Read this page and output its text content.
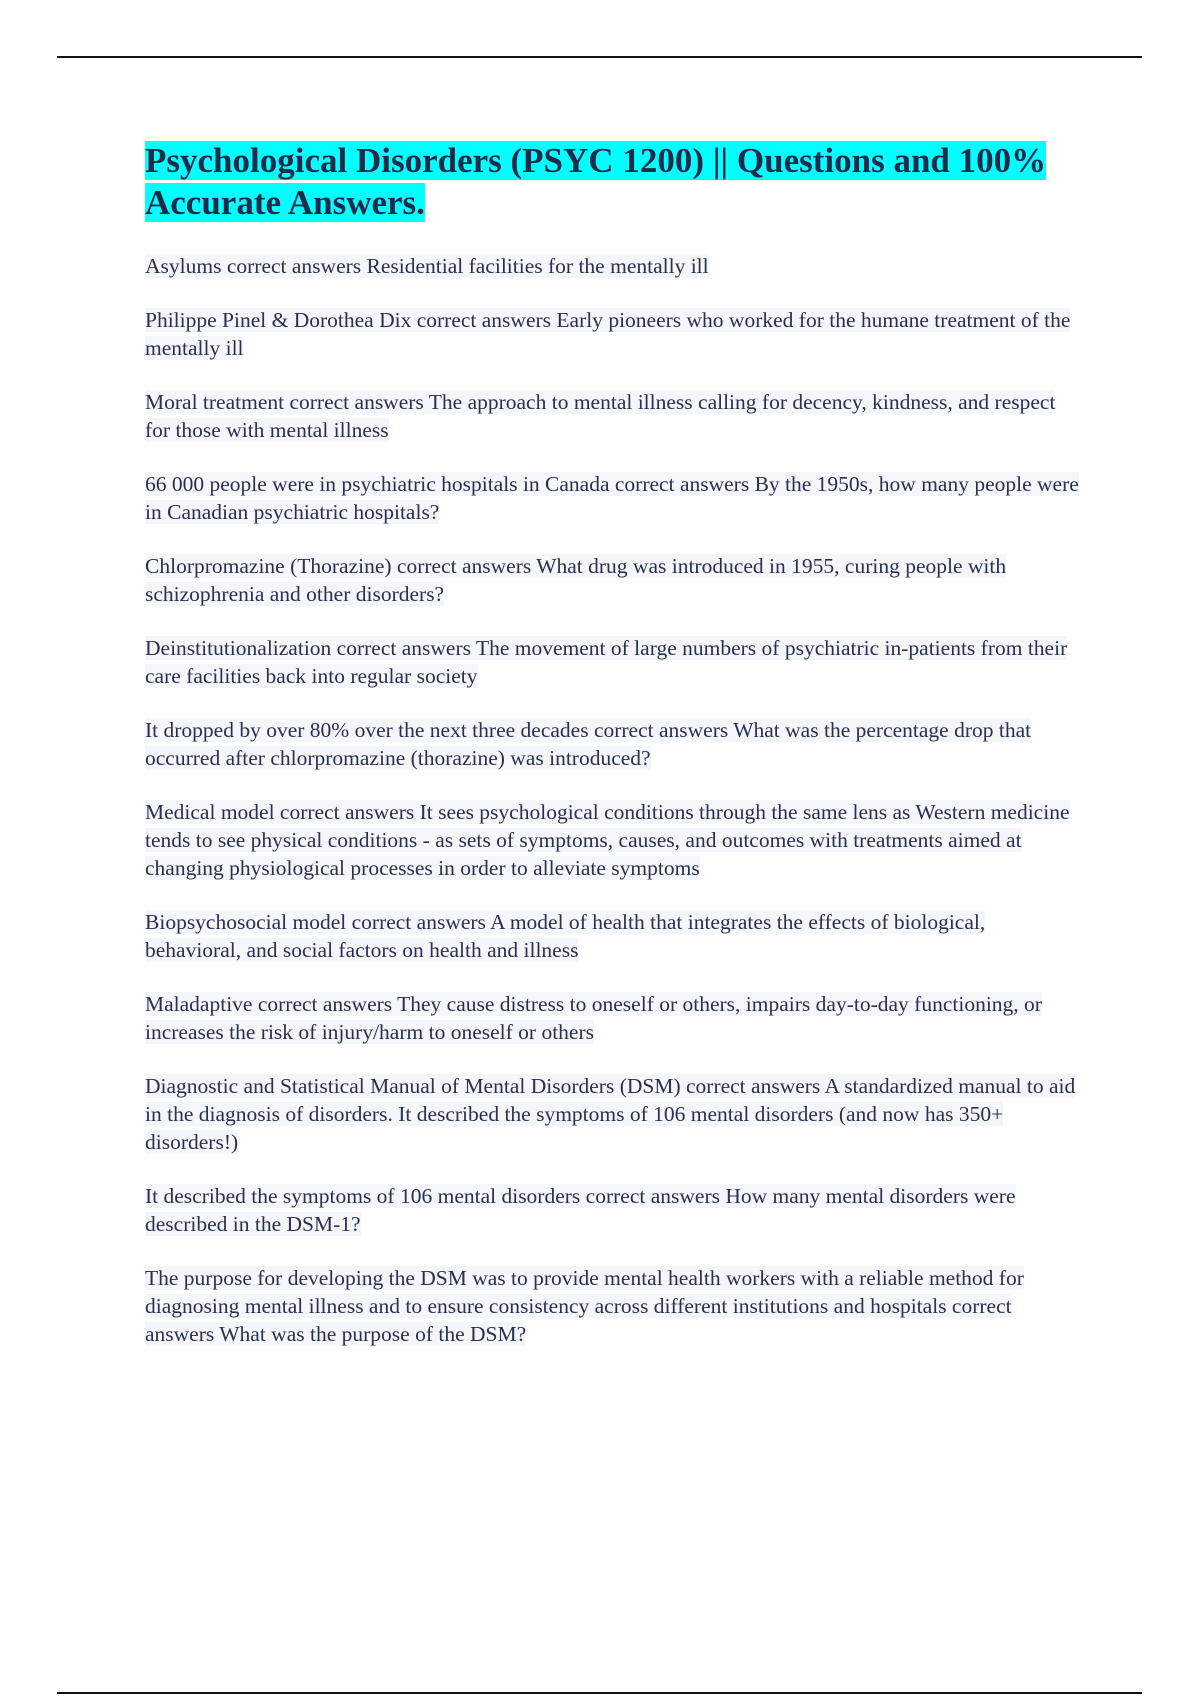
Psychological Disorders (PSYC 1200) || Questions and 100% Accurate Answers.

Asylums correct answers Residential facilities for the mentally ill

Philippe Pinel & Dorothea Dix correct answers Early pioneers who worked for the humane treatment of the mentally ill

Moral treatment correct answers The approach to mental illness calling for decency, kindness, and respect for those with mental illness

66 000 people were in psychiatric hospitals in Canada correct answers By the 1950s, how many people were in Canadian psychiatric hospitals?

Chlorpromazine (Thorazine) correct answers What drug was introduced in 1955, curing people with schizophrenia and other disorders?

Deinstitutionalization correct answers The movement of large numbers of psychiatric in-patients from their care facilities back into regular society

It dropped by over 80% over the next three decades correct answers What was the percentage drop that occurred after chlorpromazine (thorazine) was introduced?

Medical model correct answers It sees psychological conditions through the same lens as Western medicine tends to see physical conditions - as sets of symptoms, causes, and outcomes with treatments aimed at changing physiological processes in order to alleviate symptoms

Biopsychosocial model correct answers A model of health that integrates the effects of biological, behavioral, and social factors on health and illness

Maladaptive correct answers They cause distress to oneself or others, impairs day-to-day functioning, or increases the risk of injury/harm to oneself or others

Diagnostic and Statistical Manual of Mental Disorders (DSM) correct answers A standardized manual to aid in the diagnosis of disorders. It described the symptoms of 106 mental disorders (and now has 350+ disorders!)

It described the symptoms of 106 mental disorders correct answers How many mental disorders were described in the DSM-1?

The purpose for developing the DSM was to provide mental health workers with a reliable method for diagnosing mental illness and to ensure consistency across different institutions and hospitals correct answers What was the purpose of the DSM?
